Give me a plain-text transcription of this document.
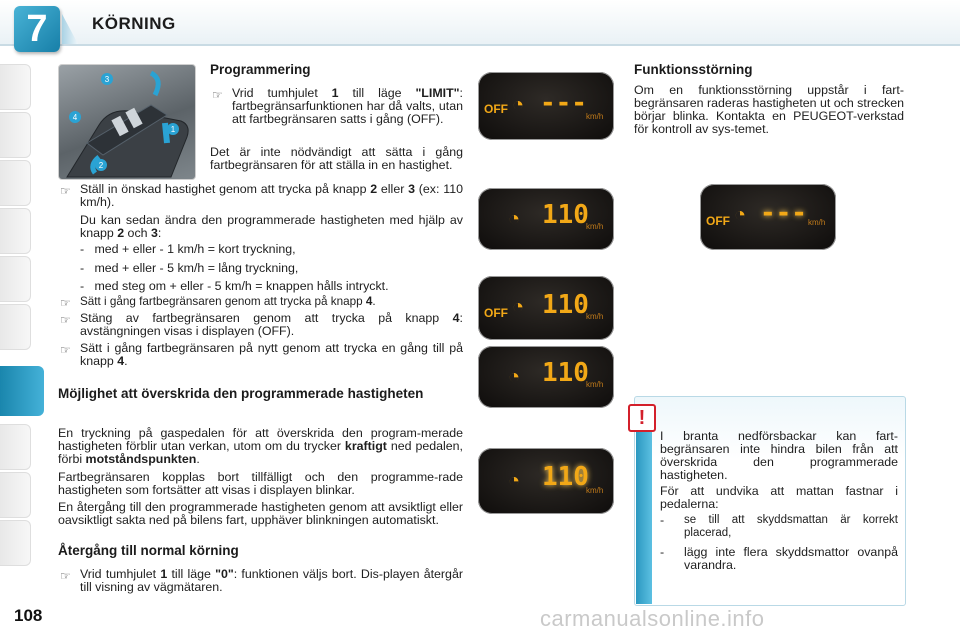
7	KÖRNING
3
4
1
2
Programmering
☞ Vrid tumhjulet 1 till läge "LIMIT": fartbegränsarfunktionen har då valts, utan att fartbegränsaren satts i gång (OFF).
Det är inte nödvändigt att sätta i gång fartbegränsaren för att ställa in en hastighet.
☞ Ställ in önskad hastighet genom att trycka på knapp 2 eller 3 (ex: 110 km/h).
Du kan sedan ändra den programmerade hastigheten med hjälp av knapp 2 och 3:
-   med + eller - 1 km/h = kort tryckning,
-   med + eller - 5 km/h = lång tryckning,
-   med steg om + eller - 5 km/h = knappen hålls intryckt.
☞ Sätt i gång fartbegränsaren genom att trycka på knapp 4.
☞ Stäng av fartbegränsaren genom att trycka på knapp 4: avstängningen visas i displayen (OFF).
☞ Sätt i gång fartbegränsaren på nytt genom att trycka en gång till på knapp 4.
Möjlighet att överskrida den programmerade hastigheten
En tryckning på gaspedalen för att överskrida den program-merade hastigheten förblir utan verkan, utom om du trycker kraftigt ned pedalen, förbi motståndspunkten.
Fartbegränsaren kopplas bort tillfälligt och den programme-rade hastigheten som fortsätter att visas i displayen blinkar.
En återgång till den programmerade hastigheten genom att avsiktligt eller oavsiktligt sakta ned på bilens fart, upphäver blinkningen automatiskt.
Återgång till normal körning
☞ Vrid tumhjulet 1 till läge "0": funktionen väljs bort. Dis-playen återgår till visning av vägmätaren.
OFF ◔ --- km/h
◔ 110
km/h
OFF ◔ 110
km/h
◔ 110
km/h
◔ 110
km/h
OFF ◔ --- km/h
Funktionsstörning
Om en funktionsstörning uppstår i fart-begränsaren raderas hastigheten ut och strecken börjar blinka. Kontakta en PEUGEOT-verkstad för kontroll av sys-temet.
!
I branta nedförsbackar kan fart-begränsaren inte hindra bilen från att överskrida den programmerade hastigheten.
För att undvika att mattan fastnar i pedalerna:
-	se till att skyddsmattan är korrekt placerad,
-	lägg inte flera skyddsmattor ovanpå varandra.
108	carmanualsonline.info
